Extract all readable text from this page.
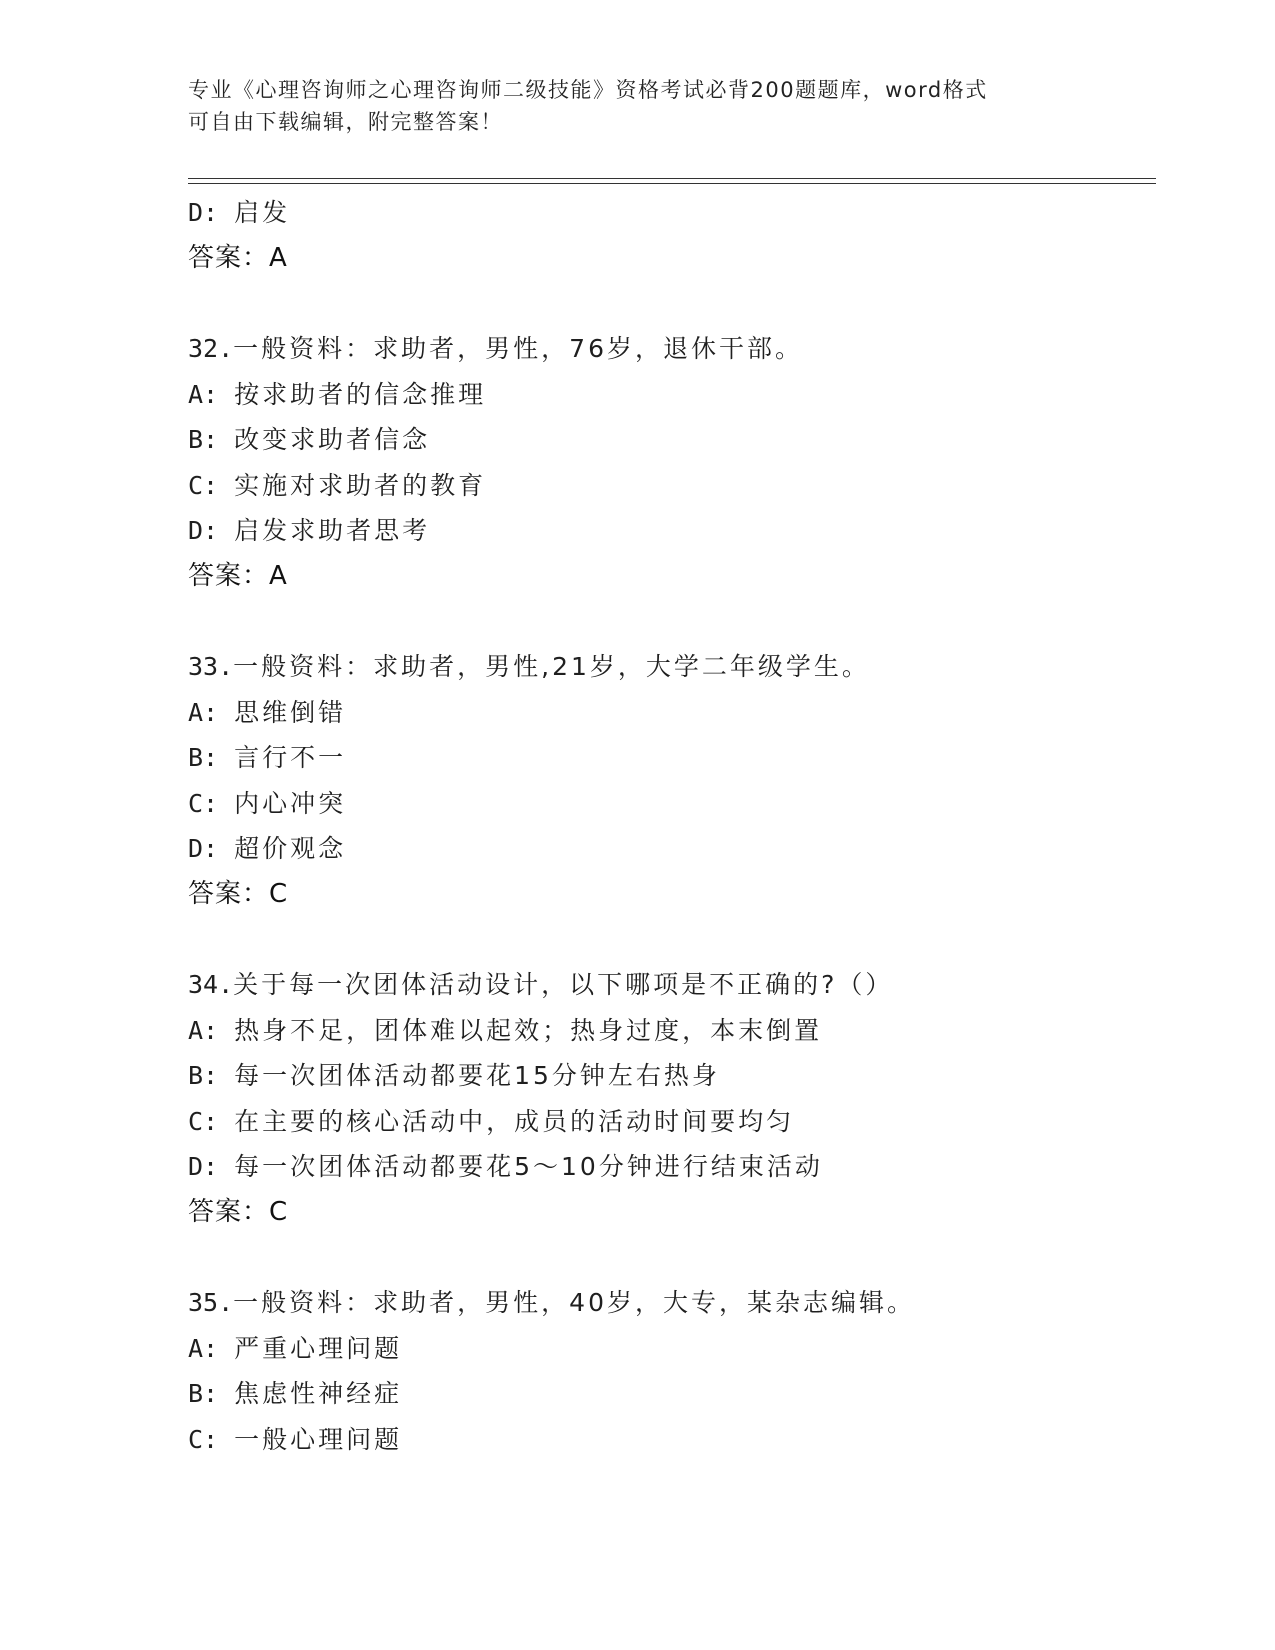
专业《心理咨询师之心理咨询师二级技能》资格考试必背200题题库，word格式
可自由下载编辑，附完整答案！
D: 启发
答案：A
32.一般资料：求助者，男性，76岁，退休干部。
A: 按求助者的信念推理
B: 改变求助者信念
C: 实施对求助者的教育
D: 启发求助者思考
答案：A
33.一般资料：求助者，男性,21岁，大学二年级学生。
A: 思维倒错
B: 言行不一
C: 内心冲突
D: 超价观念
答案：C
34.关于每一次团体活动设计，以下哪项是不正确的?（）
A: 热身不足，团体难以起效；热身过度，本末倒置
B: 每一次团体活动都要花15分钟左右热身
C: 在主要的核心活动中，成员的活动时间要均匀
D: 每一次团体活动都要花5～10分钟进行结束活动
答案：C
35.一般资料：求助者，男性，40岁，大专，某杂志编辑。
A: 严重心理问题
B: 焦虑性神经症
C: 一般心理问题
